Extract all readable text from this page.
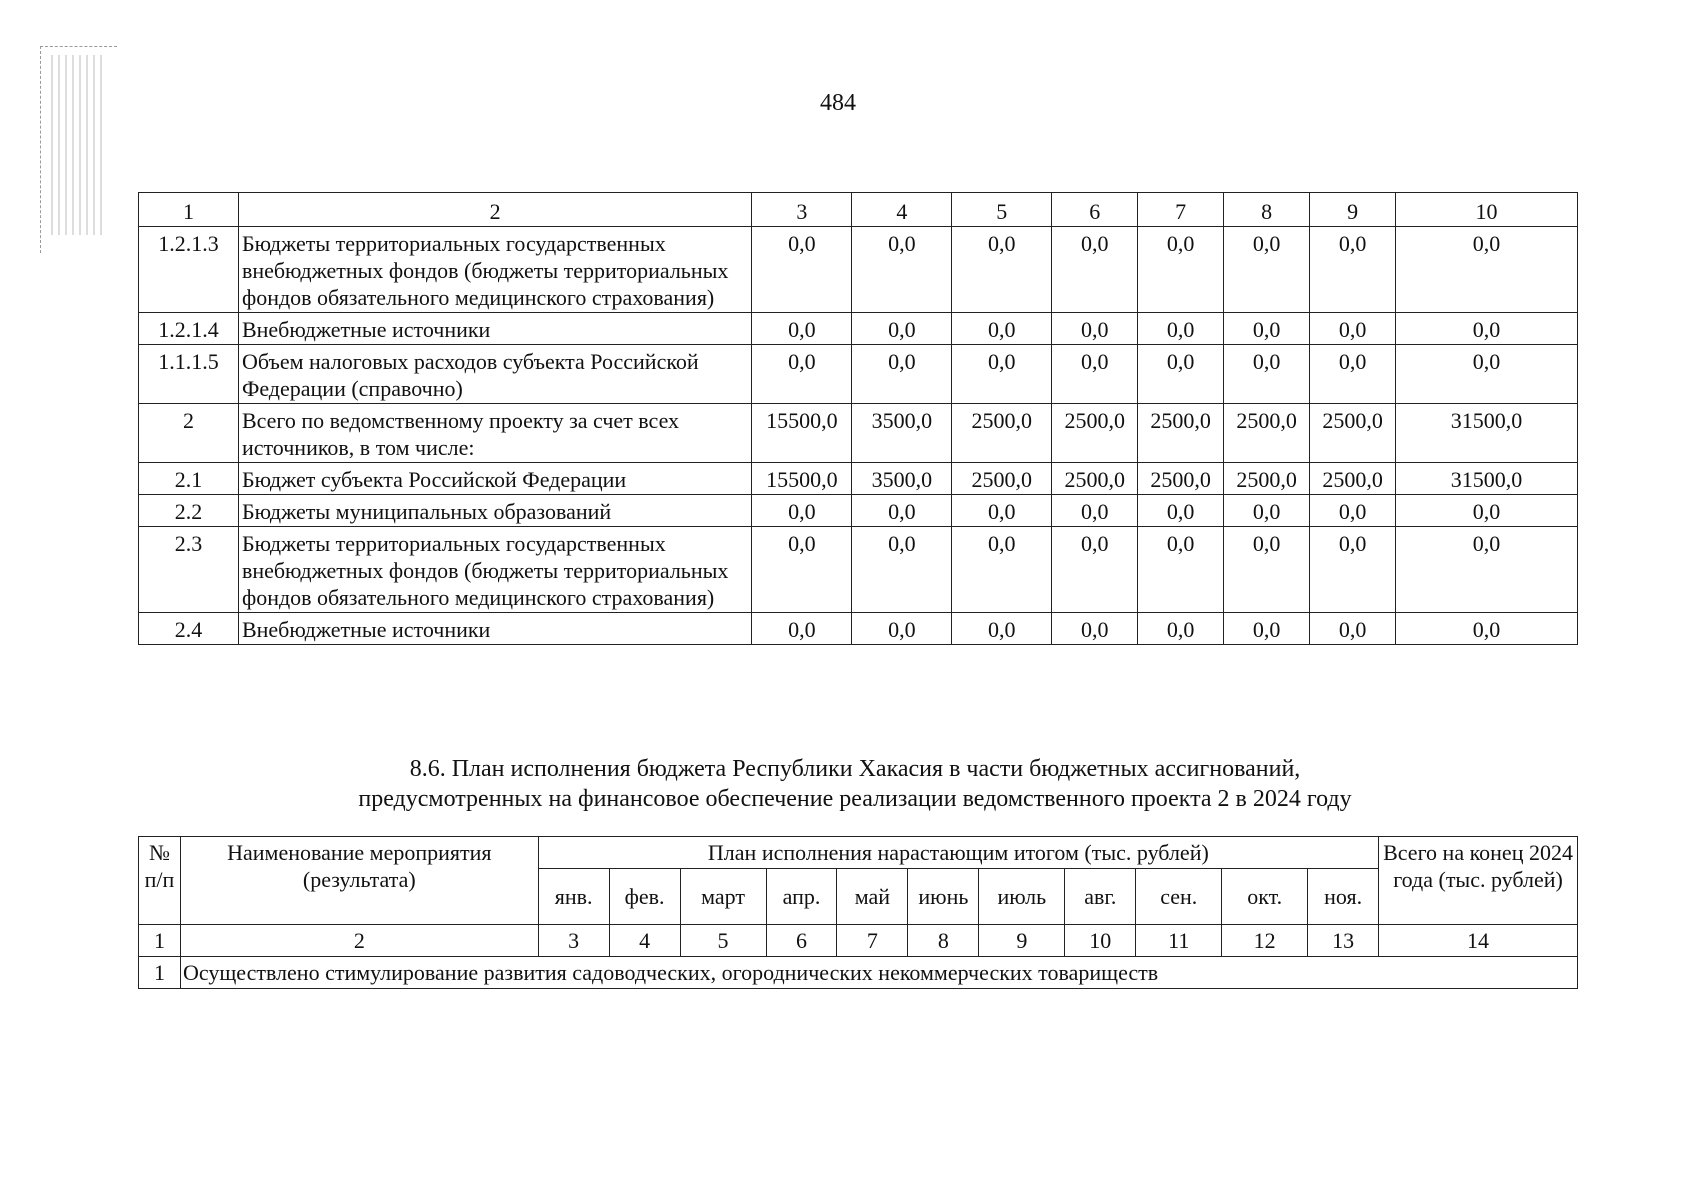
484
1	2	3	4	5	6	7	8	9	10
1.2.1.3	Бюджеты территориальных государственных внебюджетных фондов (бюджеты территориальных фондов обязательного медицинского страхования)	0,0	0,0	0,0	0,0	0,0	0,0	0,0	0,0
1.2.1.4	Внебюджетные источники	0,0	0,0	0,0	0,0	0,0	0,0	0,0	0,0
1.1.1.5	Объем налоговых расходов субъекта Российской Федерации (справочно)	0,0	0,0	0,0	0,0	0,0	0,0	0,0	0,0
2	Всего по ведомственному проекту за счет всех источников, в том числе:	15500,0	3500,0	2500,0	2500,0	2500,0	2500,0	2500,0	31500,0
2.1	Бюджет субъекта Российской Федерации	15500,0	3500,0	2500,0	2500,0	2500,0	2500,0	2500,0	31500,0
2.2	Бюджеты муниципальных образований	0,0	0,0	0,0	0,0	0,0	0,0	0,0	0,0
2.3	Бюджеты территориальных государственных внебюджетных фондов (бюджеты территориальных фондов обязательного медицинского страхования)	0,0	0,0	0,0	0,0	0,0	0,0	0,0	0,0
2.4	Внебюджетные источники	0,0	0,0	0,0	0,0	0,0	0,0	0,0	0,0
8.6. План исполнения бюджета Республики Хакасия в части бюджетных ассигнований,
предусмотренных на финансовое обеспечение реализации ведомственного проекта 2 в 2024 году
№ п/п	Наименование мероприятия (результата)	План исполнения нарастающим итогом (тыс. рублей)											Всего на конец 2024 года (тыс. рублей)
		янв.	фев.	март	апр.	май	июнь	июль	авг.	сен.	окт.	ноя.	
1	2	3	4	5	6	7	8	9	10	11	12	13	14
1	Осуществлено стимулирование развития садоводческих, огороднических некоммерческих товариществ												
